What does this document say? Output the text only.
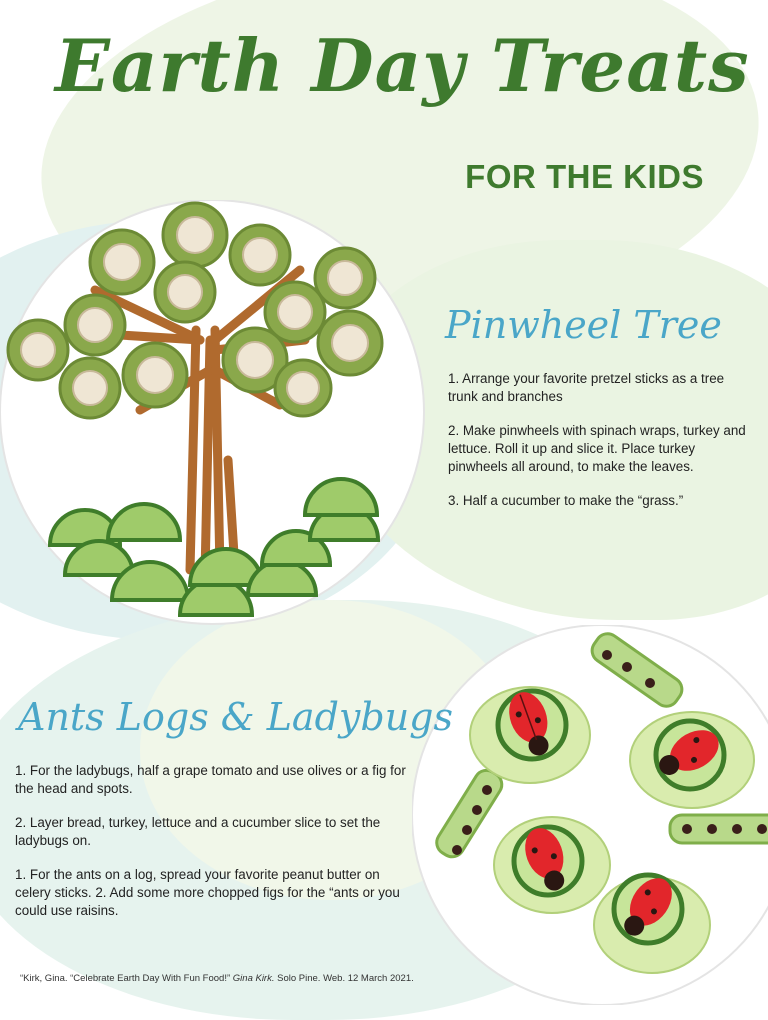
Earth Day Treats
FOR THE KIDS
Pinwheel Tree
1. Arrange your favorite pretzel sticks as a tree trunk and branches
2. Make pinwheels with spinach wraps, turkey and lettuce. Roll it up and slice it. Place turkey pinwheels all around, to make the leaves.
3. Half a cucumber to make the “grass.”
Ants Logs & Ladybugs
1. For the ladybugs, half a grape tomato and use olives or a fig for the head and spots.
2. Layer bread, turkey, lettuce and a cucumber slice to set the ladybugs on.
1. For the ants on a log, spread your favorite peanut butter on celery sticks. 2. Add some more chopped figs for the “ants or you could use raisins.
“Kirk, Gina. “Celebrate Earth Day With Fun Food!” Gina Kirk. Solo Pine. Web. 12 March 2021.
